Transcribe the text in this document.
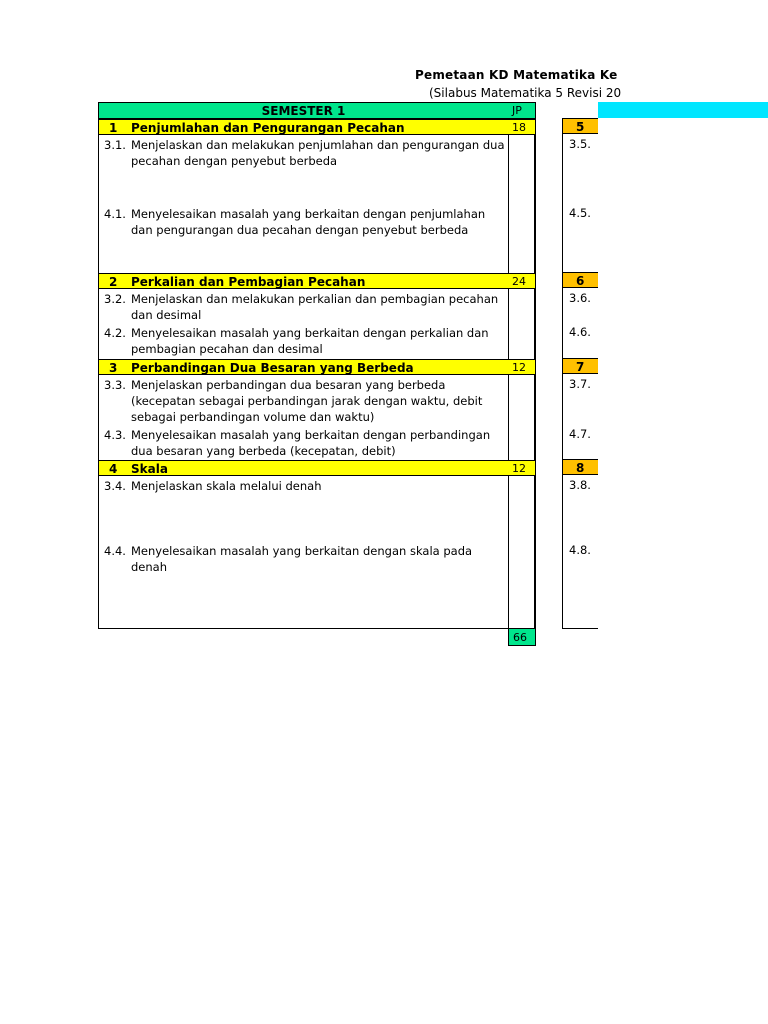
Pemetaan KD Matematika Ke
(Silabus Matematika 5 Revisi 20
SEMESTER 1	JP
1 Penjumlahan dan Pengurangan Pecahan	18
3.1. Menjelaskan dan melakukan penjumlahan dan pengurangan dua pecahan dengan penyebut berbeda
4.1. Menyelesaikan masalah yang berkaitan dengan penjumlahan dan pengurangan dua pecahan dengan penyebut berbeda
2 Perkalian dan Pembagian Pecahan	24
3.2. Menjelaskan dan melakukan perkalian dan pembagian pecahan dan desimal
4.2. Menyelesaikan masalah yang berkaitan dengan perkalian dan pembagian pecahan dan desimal
3 Perbandingan Dua Besaran yang Berbeda	12
3.3. Menjelaskan perbandingan dua besaran yang berbeda (kecepatan sebagai perbandingan jarak dengan waktu, debit sebagai perbandingan volume dan waktu)
4.3. Menyelesaikan masalah yang berkaitan dengan perbandingan dua besaran yang berbeda (kecepatan, debit)
4 Skala	12
3.4. Menjelaskan skala melalui denah
4.4. Menyelesaikan masalah yang berkaitan dengan skala pada denah
66
5
3.5.
4.5.
6
3.6.
4.6.
7
3.7.
4.7.
8
3.8.
4.8.
